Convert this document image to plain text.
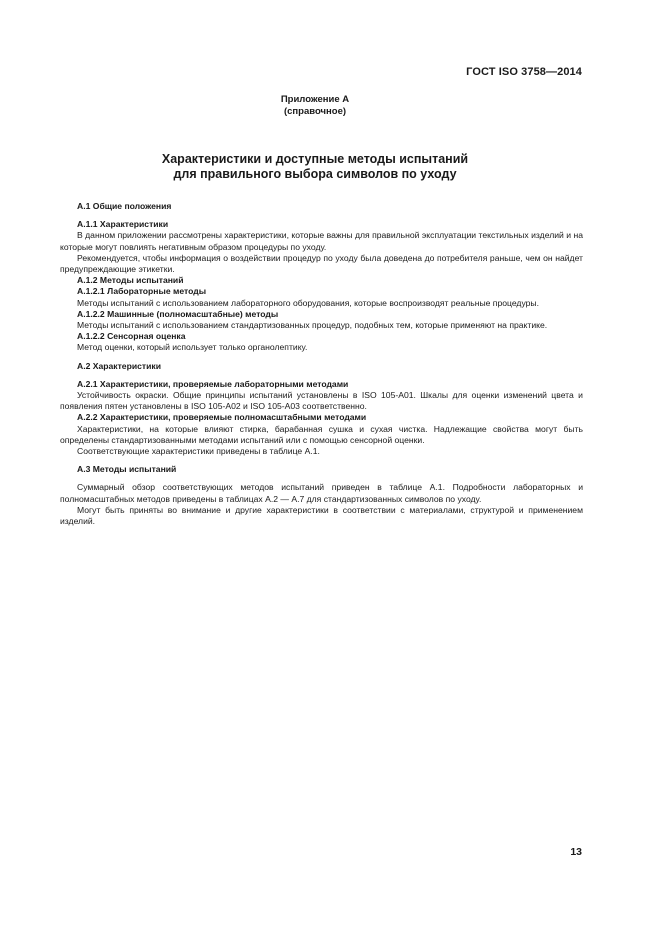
ГОСТ ISO 3758—2014
Приложение А
(справочное)
Характеристики и доступные методы испытаний
для правильного выбора символов по уходу
А.1 Общие положения
А.1.1 Характеристики
В данном приложении рассмотрены характеристики, которые важны для правильной эксплуатации текстильных изделий и на которые могут повлиять негативным образом процедуры по уходу.
Рекомендуется, чтобы информация о воздействии процедур по уходу была доведена до потребителя раньше, чем он найдет предупреждающие этикетки.
А.1.2 Методы испытаний
А.1.2.1 Лабораторные методы
Методы испытаний с использованием лабораторного оборудования, которые воспроизводят реальные процедуры.
А.1.2.2 Машинные (полномасштабные) методы
Методы испытаний с использованием стандартизованных процедур, подобных тем, которые применяют на практике.
А.1.2.2 Сенсорная оценка
Метод оценки, который использует только органолептику.
А.2 Характеристики
А.2.1 Характеристики, проверяемые лабораторными методами
Устойчивость окраски. Общие принципы испытаний установлены в ISO 105-А01. Шкалы для оценки изменений цвета и появления пятен установлены в ISO 105-А02 и ISO 105-А03 соответственно.
А.2.2 Характеристики, проверяемые полномасштабными методами
Характеристики, на которые влияют стирка, барабанная сушка и сухая чистка. Надлежащие свойства могут быть определены стандартизованными методами испытаний или с помощью сенсорной оценки.
Соответствующие характеристики приведены в таблице А.1.
А.3 Методы испытаний
Суммарный обзор соответствующих методов испытаний приведен в таблице А.1. Подробности лабораторных и полномасштабных методов приведены в таблицах А.2 — А.7 для стандартизованных символов по уходу.
Могут быть приняты во внимание и другие характеристики в соответствии с материалами, структурой и применением изделий.
13
